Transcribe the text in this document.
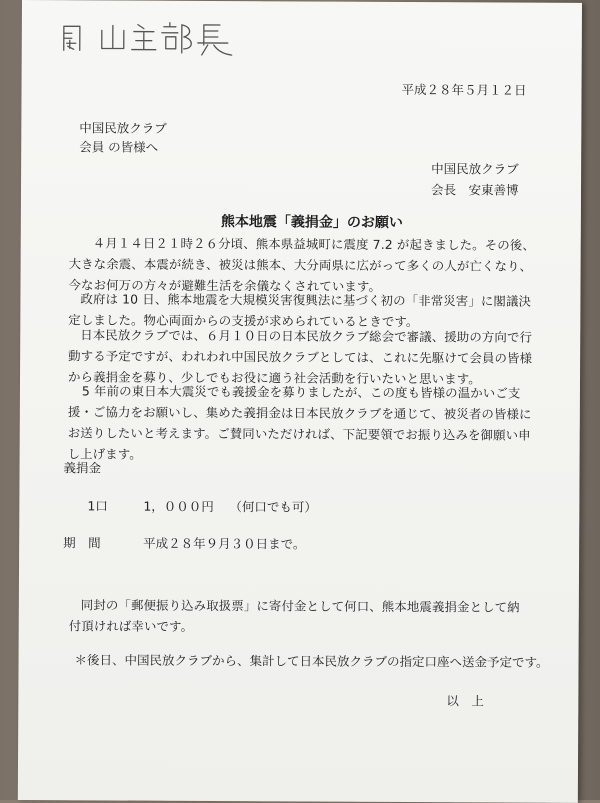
平成２８年５月１２日
中国民放クラブ
会員 の皆様へ
中国民放クラブ
会長　安東善博
熊本地震「義捐金」のお願い
４月１４日２１時２６分頃、熊本県益城町に震度 7.2 が起きました。その後、大きな余震、本震が続き、被災は熊本、大分両県に広がって多くの人が亡くなり、今なお何万の方々が避難生活を余儀なくされています。
政府は 10 日、熊本地震を大規模災害復興法に基づく初の「非常災害」に閣議決定しました。物心両面からの支援が求められているときです。
日本民放クラブでは、６月１０日の日本民放クラブ総会で審議、援助の方向で行動する予定ですが、われわれ中国民放クラブとしては、これに先駆けて会員の皆様から義捐金を募り、少しでもお役に適う社会活動を行いたいと思います。
5 年前の東日本大震災でも義援金を募りましたが、この度も皆様の温かいご支援・ご協力をお願いし、集めた義捐金は日本民放クラブを通じて、被災者の皆様にお送りしたいと考えます。ご賛同いただければ、下記要領でお振り込みを御願い申し上げます。
義捐金
1口	1，０００円 （何口でも可）
期　間	平成２８年９月３０日まで。
同封の「郵便振り込み取扱票」に寄付金として何口、熊本地震義捐金として納付頂ければ幸いです。
＊後日、中国民放クラブから、集計して日本民放クラブの指定口座へ送金予定です。
以　上
